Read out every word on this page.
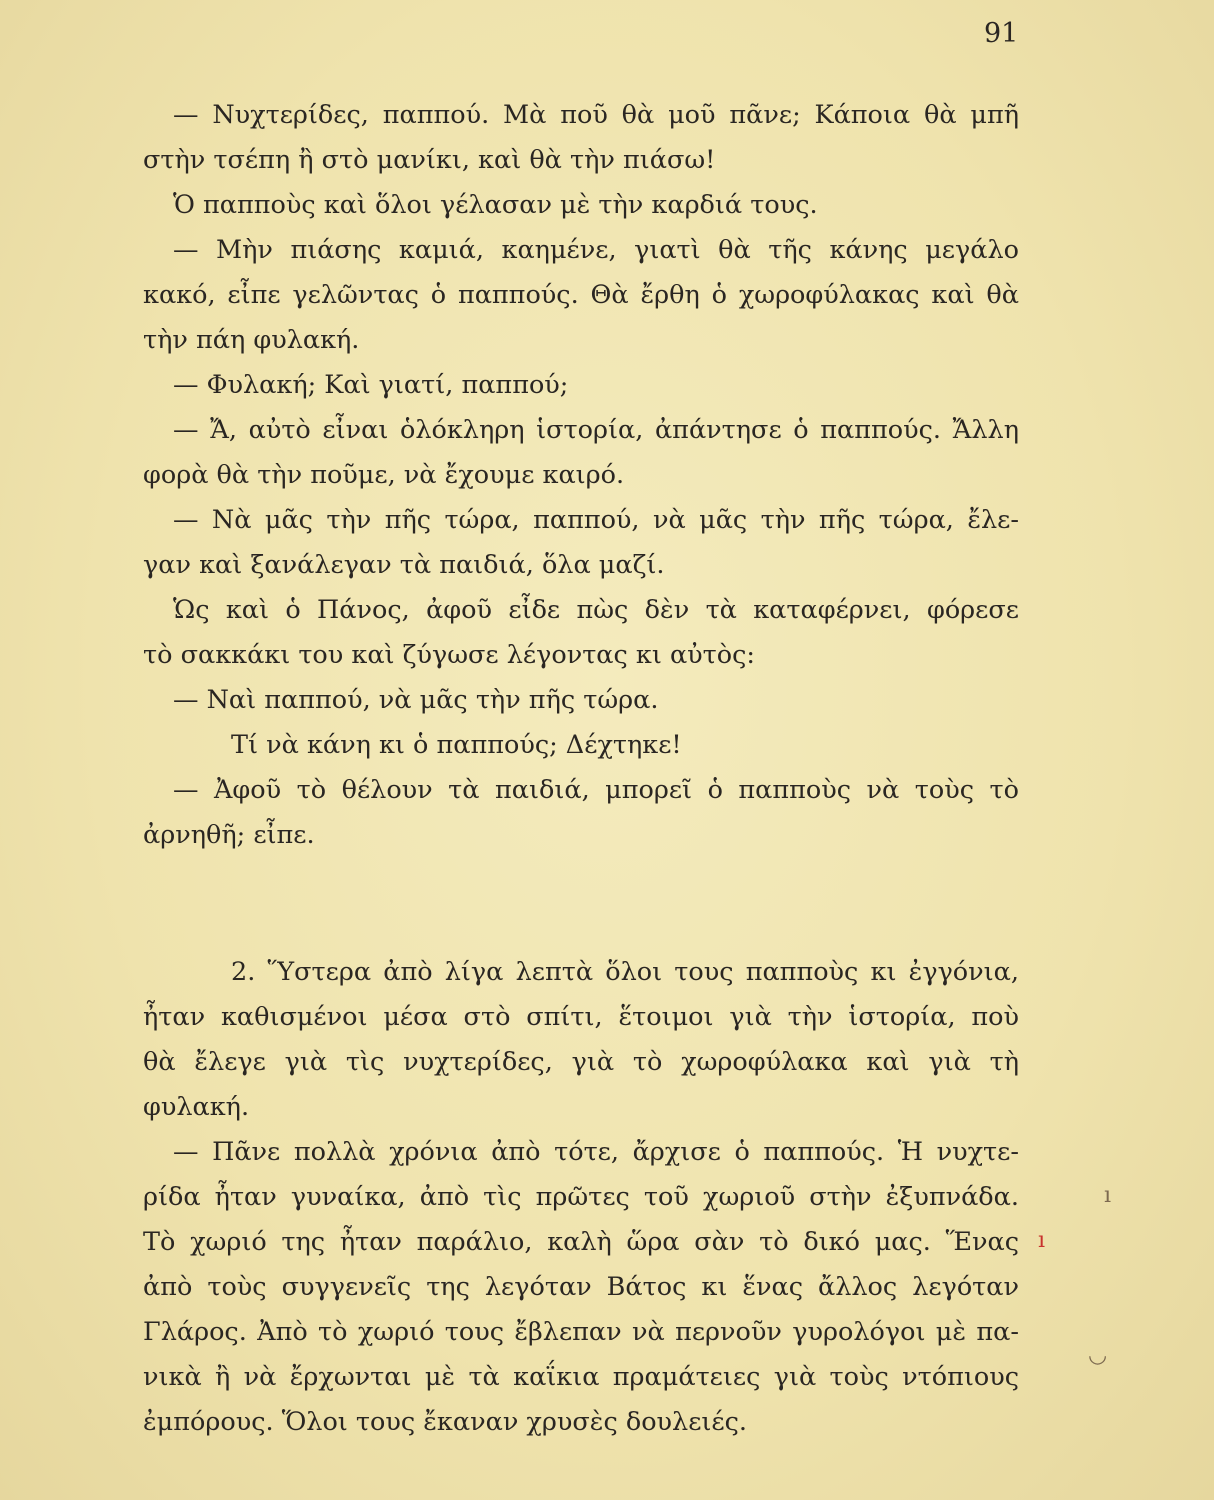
91
— Νυχτερίδες, παππού. Μὰ ποῦ θὰ μοῦ πᾶνε; Κάποια θὰ μπῆ
στὴν τσέπη ἢ στὸ μανίκι, καὶ θὰ τὴν πιάσω!
Ὁ παπποὺς καὶ ὅλοι γέλασαν μὲ τὴν καρδιά τους.
— Μὴν πιάσης καμιά, καημένε, γιατὶ θὰ τῆς κάνης μεγάλο
κακό, εἶπε γελῶντας ὁ παππούς. Θὰ ἔρθη ὁ χωροφύλακας καὶ θὰ
τὴν πάη φυλακή.
— Φυλακή; Καὶ γιατί, παππού;
— Ἄ, αὐτὸ εἶναι ὁλόκληρη ἱστορία, ἀπάντησε ὁ παππούς. Ἄλλη
φορὰ θὰ τὴν ποῦμε, νὰ ἔχουμε καιρό.
— Νὰ μᾶς τὴν πῆς τώρα, παππού, νὰ μᾶς τὴν πῆς τώρα, ἔλε-
γαν καὶ ξανάλεγαν τὰ παιδιά, ὅλα μαζί.
Ὡς καὶ ὁ Πάνος, ἀφοῦ εἶδε πὼς δὲν τὰ καταφέρνει, φόρεσε
τὸ σακκάκι του καὶ ζύγωσε λέγοντας κι αὐτὸς:
— Ναὶ παππού, νὰ μᾶς τὴν πῆς τώρα.
Τί νὰ κάνη κι ὁ παππούς; Δέχτηκε!
— Ἀφοῦ τὸ θέλουν τὰ παιδιά, μπορεῖ ὁ παπποὺς νὰ τοὺς τὸ
ἀρνηθῆ; εἶπε.
2. Ὕστερα ἀπὸ λίγα λεπτὰ ὅλοι τους παπποὺς κι ἐγγόνια,
ἦταν καθισμένοι μέσα στὸ σπίτι, ἕτοιμοι γιὰ τὴν ἱστορία, ποὺ
θὰ ἔλεγε γιὰ τὶς νυχτερίδες, γιὰ τὸ χωροφύλακα καὶ γιὰ τὴ
φυλακή.
— Πᾶνε πολλὰ χρόνια ἀπὸ τότε, ἄρχισε ὁ παππούς. Ἡ νυχτε-
ρίδα ἦταν γυναίκα, ἀπὸ τὶς πρῶτες τοῦ χωριοῦ στὴν ἐξυπνάδα.
Τὸ χωριό της ἦταν παράλιο, καλὴ ὥρα σὰν τὸ δικό μας. Ἕνας
ἀπὸ τοὺς συγγενεῖς της λεγόταν Βάτος κι ἕνας ἄλλος λεγόταν
Γλάρος. Ἀπὸ τὸ χωριό τους ἔβλεπαν νὰ περνοῦν γυρολόγοι μὲ πα-
νικὰ ἢ νὰ ἔρχωνται μὲ τὰ καΐκια πραμάτειες γιὰ τοὺς ντόπιους
ἐμπόρους. Ὅλοι τους ἔκαναν χρυσὲς δουλειές.
ı
ı
◡
